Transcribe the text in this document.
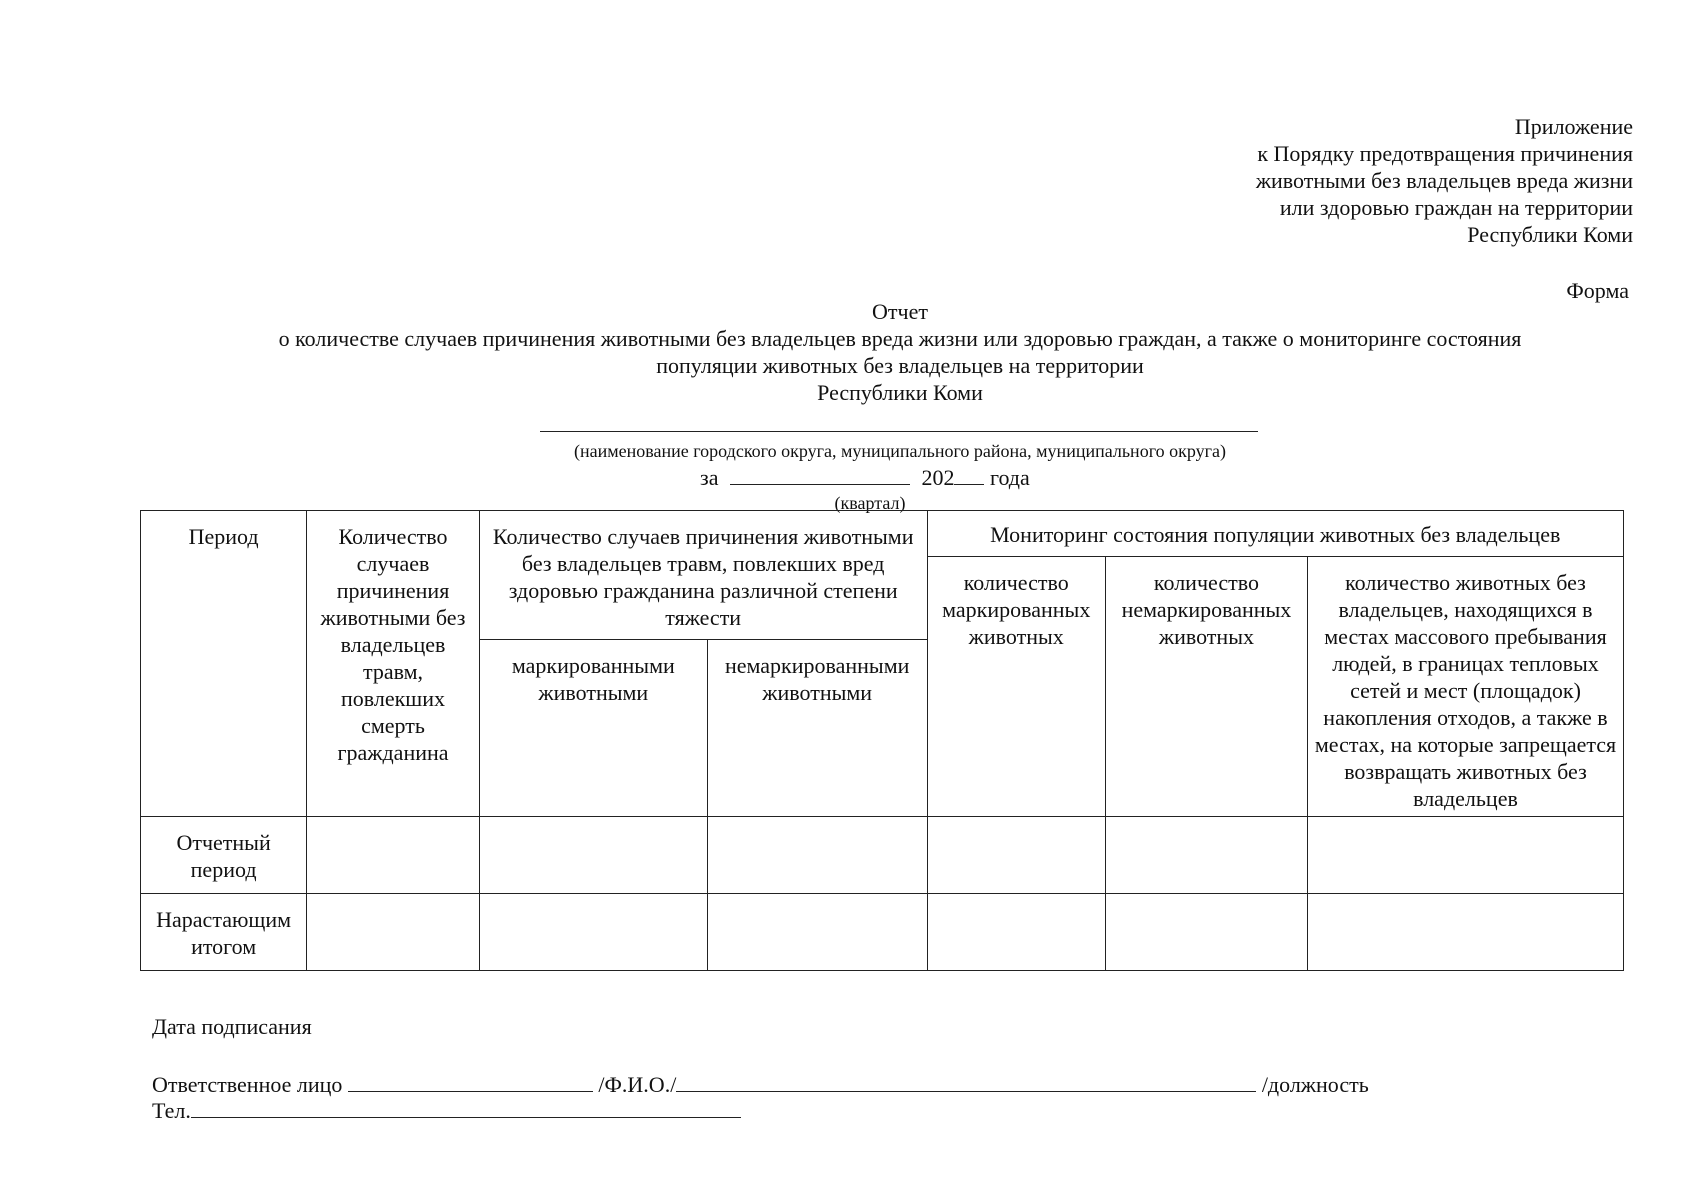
Приложение
к Порядку предотвращения причинения
животными без владельцев вреда жизни
или здоровью граждан на территории
Республики Коми
Форма
Отчет
о количестве случаев причинения животными без владельцев вреда жизни или здоровью граждан, а также о мониторинге состояния
популяции животных без владельцев на территории
Республики Коми
(наименование городского округа, муниципального района, муниципального округа)
за	202 года
(квартал)
Период	Количество случаев причинения животными без владельцев травм, повлекших смерть гражданина	Количество случаев причинения животными без владельцев травм, повлекших вред здоровью гражданина различной степени тяжести		Мониторинг состояния популяции животных без владельцев		
				количество маркированных животных	количество немаркированных животных	количество животных без владельцев, находящихся в местах массового пребывания людей, в границах тепловых сетей и мест (площадок) накопления отходов, а также в местах, на которые запрещается возвращать животных без владельцев
		маркированными животными	немаркированными животными			
Отчетный период						
Нарастающим итогом						
Дата подписания
Ответственное лицо	/Ф.И.О./	/должность
Тел.
